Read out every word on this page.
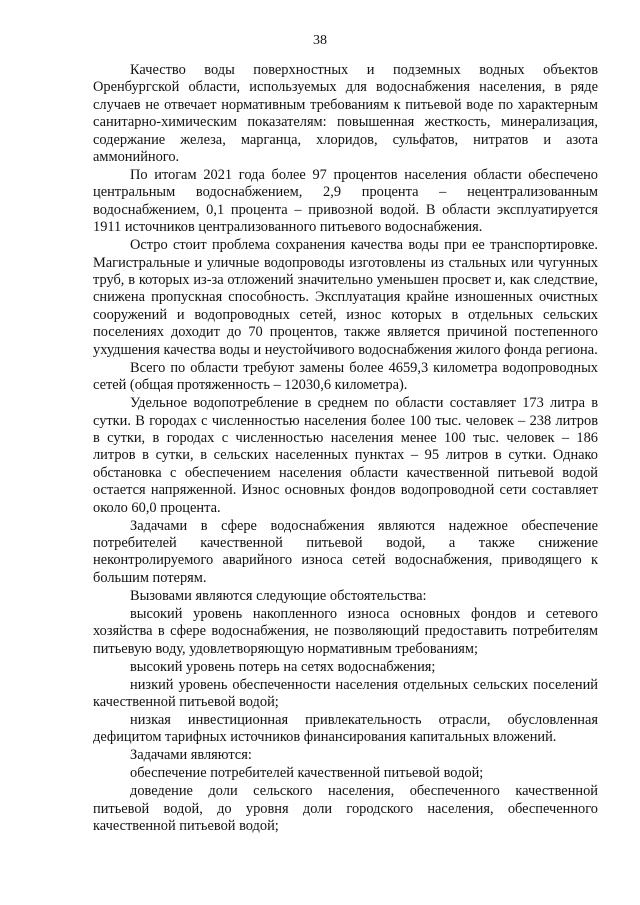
38

Качество воды поверхностных и подземных водных объектов Оренбургской области, используемых для водоснабжения населения, в ряде случаев не отвечает нормативным требованиям к питьевой воде по характерным санитарно-химическим показателям: повышенная жесткость, минерализация, содержание железа, марганца, хлоридов, сульфатов, нитратов и азота аммонийного.

По итогам 2021 года более 97 процентов населения области обеспечено центральным водоснабжением, 2,9 процента – нецентрализованным водоснабжением, 0,1 процента – привозной водой. В области эксплуатируется 1911 источников централизованного питьевого водоснабжения.

Остро стоит проблема сохранения качества воды при ее транспортировке. Магистральные и уличные водопроводы изготовлены из стальных или чугунных труб, в которых из-за отложений значительно уменьшен просвет и, как следствие, снижена пропускная способность. Эксплуатация крайне изношенных очистных сооружений и водопроводных сетей, износ которых в отдельных сельских поселениях доходит до 70 процентов, также является причиной постепенного ухудшения качества воды и неустойчивого водоснабжения жилого фонда региона.

Всего по области требуют замены более 4659,3 километра водопроводных сетей (общая протяженность – 12030,6 километра).

Удельное водопотребление в среднем по области составляет 173 литра в сутки. В городах с численностью населения более 100 тыс. человек – 238 литров в сутки, в городах с численностью населения менее 100 тыс. человек – 186 литров в сутки, в сельских населенных пунктах – 95 литров в сутки. Однако обстановка с обеспечением населения области качественной питьевой водой остается напряженной. Износ основных фондов водопроводной сети составляет около 60,0 процента.

Задачами в сфере водоснабжения являются надежное обеспечение потребителей качественной питьевой водой, а также снижение неконтролируемого аварийного износа сетей водоснабжения, приводящего к большим потерям.

Вызовами являются следующие обстоятельства:

высокий уровень накопленного износа основных фондов и сетевого хозяйства в сфере водоснабжения, не позволяющий предоставить потребителям питьевую воду, удовлетворяющую нормативным требованиям;

высокий уровень потерь на сетях водоснабжения;

низкий уровень обеспеченности населения отдельных сельских поселений качественной питьевой водой;

низкая инвестиционная привлекательность отрасли, обусловленная дефицитом тарифных источников финансирования капитальных вложений.

Задачами являются:

обеспечение потребителей качественной питьевой водой;

доведение доли сельского населения, обеспеченного качественной питьевой водой, до уровня доли городского населения, обеспеченного качественной питьевой водой;
